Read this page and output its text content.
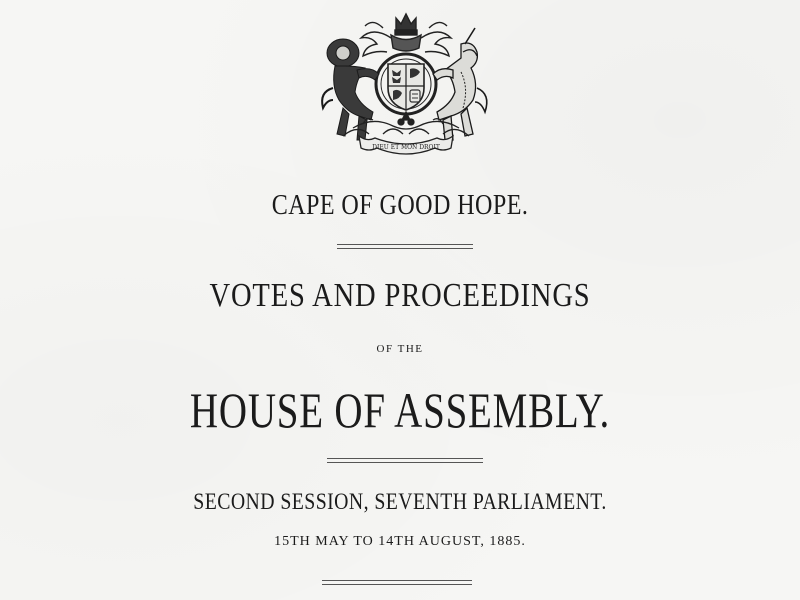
DIEU ET MON DROIT
CAPE OF GOOD HOPE.
VOTES AND PROCEEDINGS
OF THE
HOUSE OF ASSEMBLY.
SECOND SESSION, SEVENTH PARLIAMENT.
15TH MAY TO 14TH AUGUST, 1885.
